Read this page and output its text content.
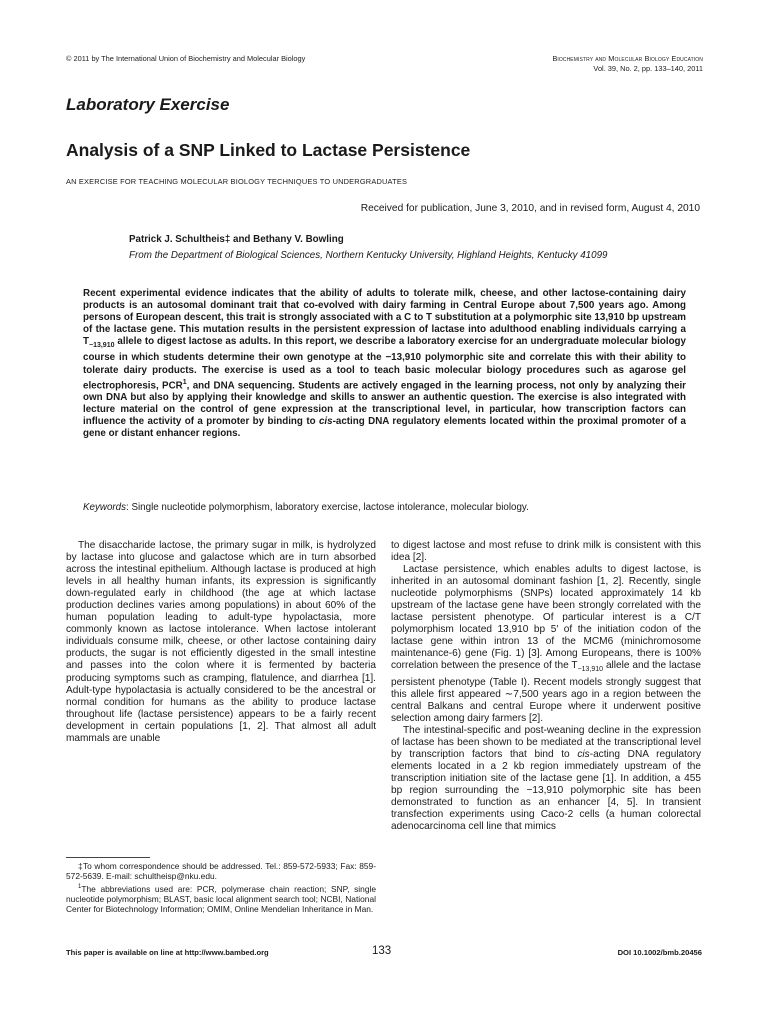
© 2011 by The International Union of Biochemistry and Molecular Biology	Biochemistry and Molecular Biology Education
Vol. 39, No. 2, pp. 133–140, 2011
Laboratory Exercise
Analysis of a SNP Linked to Lactase Persistence
AN EXERCISE FOR TEACHING MOLECULAR BIOLOGY TECHNIQUES TO UNDERGRADUATES
Received for publication, June 3, 2010, and in revised form, August 4, 2010
Patrick J. Schultheis‡ and Bethany V. Bowling
From the Department of Biological Sciences, Northern Kentucky University, Highland Heights, Kentucky 41099

Recent experimental evidence indicates that the ability of adults to tolerate milk, cheese, and other lactose-containing dairy products is an autosomal dominant trait that co-evolved with dairy farming in Central Europe about 7,500 years ago. Among persons of European descent, this trait is strongly associated with a C to T substitution at a polymorphic site 13,910 bp upstream of the lactase gene. This mutation results in the persistent expression of lactase into adulthood enabling individuals carrying a $T_{-13,910}$ allele to digest lactose as adults. In this report, we describe a laboratory exercise for an undergraduate molecular biology course in which students determine their own genotype at the −13,910 polymorphic site and correlate this with their ability to tolerate dairy products. The exercise is used as a tool to teach basic molecular biology procedures such as agarose gel electrophoresis, PCR$^1$, and DNA sequencing. Students are actively engaged in the learning process, not only by analyzing their own DNA but also by applying their knowledge and skills to answer an authentic question. The exercise is also integrated with lecture material on the control of gene expression at the transcriptional level, in particular, how transcription factors can influence the activity of a promoter by binding to cis-acting DNA regulatory elements located within the proximal promoter of a gene or distant enhancer regions.

Keywords: Single nucleotide polymorphism, laboratory exercise, lactose intolerance, molecular biology.

The disaccharide lactose, the primary sugar in milk, is hydrolyzed by lactase into glucose and galactose which are in turn absorbed across the intestinal epithelium. Although lactase is produced at high levels in all healthy human infants, its expression is significantly down-regulated early in childhood (the age at which lactase production declines varies among populations) in about 60% of the human population leading to adult-type hypolactasia, more commonly known as lactose intolerance. When lactose intolerant individuals consume milk, cheese, or other lactose containing dairy products, the sugar is not efficiently digested in the small intestine and passes into the colon where it is fermented by bacteria producing symptoms such as cramping, flatulence, and diarrhea [1]. Adult-type hypolactasia is actually considered to be the ancestral or normal condition for humans as the ability to produce lactase throughout life (lactase persistence) appears to be a fairly recent development in certain populations [1, 2]. That almost all adult mammals are unable

to digest lactose and most refuse to drink milk is consistent with this idea [2].

Lactase persistence, which enables adults to digest lactose, is inherited in an autosomal dominant fashion [1, 2]. Recently, single nucleotide polymorphisms (SNPs) located approximately 14 kb upstream of the lactase gene have been strongly correlated with the lactase persistent phenotype. Of particular interest is a C/T polymorphism located 13,910 bp 5′ of the initiation codon of the lactase gene within intron 13 of the MCM6 (minichromosome maintenance-6) gene (Fig. 1) [3]. Among Europeans, there is 100% correlation between the presence of the $T_{-13,910}$ allele and the lactase persistent phenotype (Table I). Recent models strongly suggest that this allele first appeared ∼7,500 years ago in a region between the central Balkans and central Europe where it underwent positive selection among dairy farmers [2].

The intestinal-specific and post-weaning decline in the expression of lactase has been shown to be mediated at the transcriptional level by transcription factors that bind to cis-acting DNA regulatory elements located in a 2 kb region immediately upstream of the transcription initiation site of the lactase gene [1]. In addition, a 455 bp region surrounding the −13,910 polymorphic site has been demonstrated to function as an enhancer [4, 5]. In transient transfection experiments using Caco-2 cells (a human colorectal adenocarcinoma cell line that mimics

‡To whom correspondence should be addressed. Tel.: 859-572-5933; Fax: 859-572-5639. E-mail: schultheisp@nku.edu.

$^1$The abbreviations used are: PCR, polymerase chain reaction; SNP, single nucleotide polymorphism; BLAST, basic local alignment search tool; NCBI, National Center for Biotechnology Information; OMIM, Online Mendelian Inheritance in Man.

This paper is available on line at http://www.bambed.org	133	DOI 10.1002/bmb.20456
